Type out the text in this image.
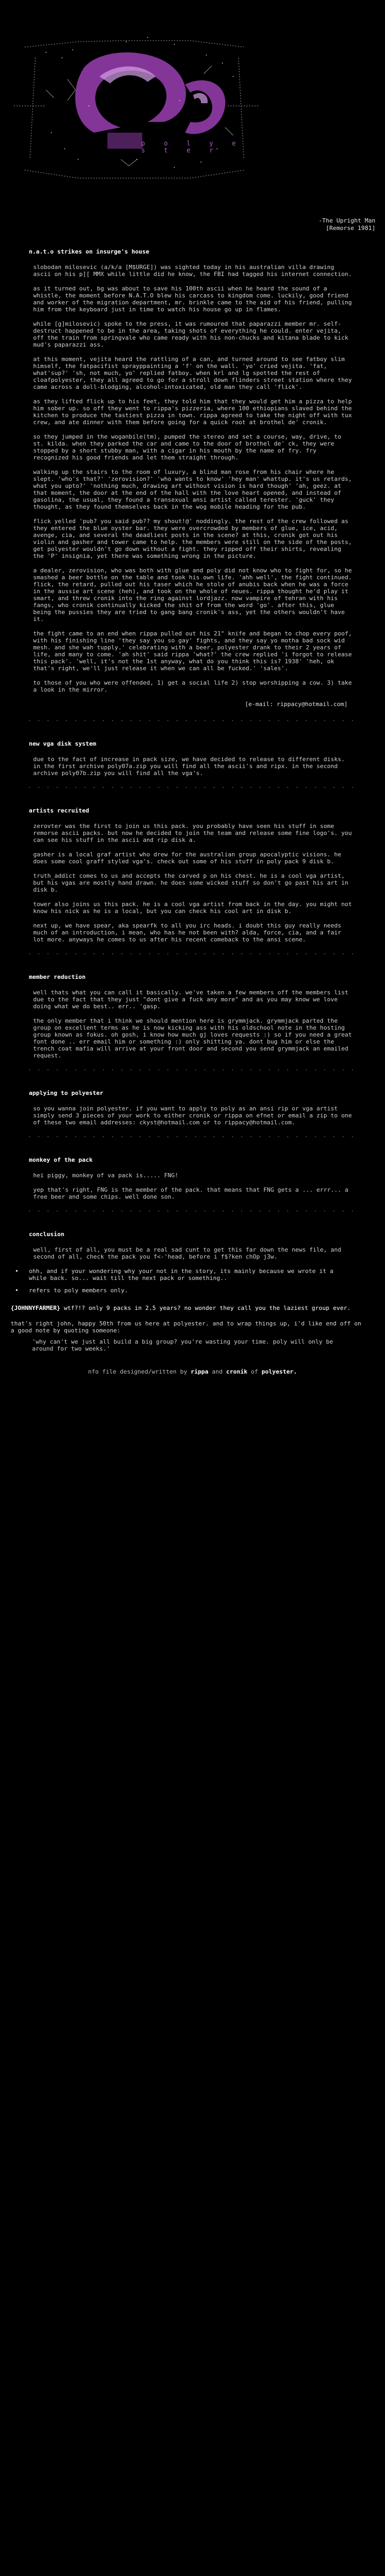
p o l y e s t e r
-The Upright Man
[Remorse 1981]
n.a.t.o strikes on insurge's house

slobodan milosevic (a/k/a [M$URGE]) was sighted today in his australian villa drawing ascii on his p][ MMX while little did he know, the FBI had tagged his internet connection.

as it turned out, bg was about to save his 100th ascii when he heard the sound of a whistle, the moment before N.A.T.O blew his carcass to kingdom come. luckily, good friend and worker of the migration department, mr. brinkle came to the aid of his friend, pulling him from the keyboard just in time to watch his house go up in flames.

while [g]milosevic) spoke to the press, it was rumoured that paparazzi member mr. self-destruct happened to be in the area, taking shots of everything he could. enter vejita, off the train from springvale who came ready with his non-chucks and kitana blade to kick mud's paparazzi ass.

at this moment, vejita heard the rattling of a can, and turned around to see fatboy slim himself, the fatpacifist sprayppainting a 'f' on the wall. 'yo' cried vejita. 'fat, what'sup?' 'sh, not much, yo' replied fatboy. when krl and lg spotted the rest of cloafpolyester, they all agreed to go for a stroll down flinders street station where they came across a doll-blodging, alcohol-intoxicated, old man they call 'flick'.

as they lifted flick up to his feet, they told him that they would get him a pizza to help him sober up. so off they went to rippa's pizzeria, where 100 ethiopians slaved behind the kitchen to produce the tastiest pizza in town. rippa agreed to take the night off with tux crew, and ate dinner with them before going for a quick root at brothel de' cronik.

so they jumped in the woganbile(tm), pumped the stereo and set a course, way, drive, to st. kilda. when they parked the car and came to the door of brothel de' ck, they were stopped by a short stubby man, with a cigar in his mouth by the name of fry. fry recognized his good friends and let them straight through.

walking up the stairs to the room of luxury, a blind man rose from his chair where he slept. 'who's that?' 'zerovision?' 'who wants to know' 'hey man' whattup. it's us retards, what you upto?' 'nothing much, drawing art without vision is hard though' 'ah, geez. at that moment, the door at the end of the hall with the love heart opened, and instead of gasolina, the usual, they found a transexual ansi artist called terester. 'guck' they thought, as they found themselves back in the wog mobile heading for the pub.

flick yelled 'pub? you said pub?? my shout!@' noddingly. the rest of the crew followed as they entered the blue oyster bar. they were overcrowded by members of glue, ice, acid, avenge, cia, and several the deadliest posts in the scene? at this, cronik got out his violin and gasher and tower came to help. the members were still on the side of the posts, get polyester wouldn't go down without a fight. they ripped off their shirts, revealing the 'P' insignia, yet there was something wrong in the picture.

a dealer, zerovision, who was both with glue and poly did not know who to fight for, so he smashed a beer bottle on the table and took his own life. 'ahh well', the fight continued. flick, the retard, pulled out his taser which he stole of anubis back when he was a force in the aussie art scene (heh), and took on the whole of neues. rippa thought he'd play it smart, and threw cronik into the ring against lordjazz. now vampire of tehran with his fangs, who cronik continually kicked the shit of from the word 'go'. after this, glue being the pussies they are tried to gang bang cronik's ass, yet the others wouldn't have it.

the fight came to an end when rippa pulled out his 21" knife and began to chop every poof, with his finishing line 'they say you so gay' fights, and they say yo motha bad sock wid mesh. and she wah tupply.' celebrating with a beer, polyester drank to their 2 years of life, and many to come. 'ah shit' said rippa 'what?' the crew replied 'i forgot to release this pack'. 'well, it's not the 1st anyway, what do you think this is? 1938' 'heh, ok that's right, we'll just release it when we can all be fucked.' 'sales'.

to those of you who were offended, 1) get a social life 2) stop worshipping a cow. 3) take a look in the mirror.

[e-mail: rippacy@hotmail.com]
· · · · · · · · · · · · · · · · · · · · · · · · · · · · · · · · · · · ·
new vga disk system

due to the fact of increase in pack size, we have decided to release to different disks. in the first archive poly07a.zip you will find all the ascii's and ripx. in the second archive poly07b.zip you will find all the vga's.

· · · · · · · · · · · · · · · · · · · · · · · · · · · · · · · · · · · ·
artists recruited

zerovter was the first to join us this pack. you probably have seen his stuff in some remorse ascii packs. but now he decided to join the team and release some fine logo's. you can see his stuff in the ascii and rip disk a.

gasher is a local graf artist who drew for the australian group apocalyptic visions. he does some cool graff styled vga's. check out some of his stuff in poly pack 9 disk b.

truth_addict comes to us and accepts the carved p on his chest. he is a cool vga artist, but his vgas are mostly hand drawn. he does some wicked stuff so don't go past his art in disk b.

tower also joins us this pack. he is a cool vga artist from back in the day. you might not know his nick as he is a local, but you can check his cool art in disk b.

next up, we have spear, aka spearfk to all you irc heads. i doubt this guy really needs much of an introduction, i mean, who has he not been with? alda, force, cia, and a fair lot more. anyways he comes to us after his recent comeback to the ansi scene.

· · · · · · · · · · · · · · · · · · · · · · · · · · · · · · · · · · · ·
member reduction

well thats what you can call it basically. we've taken a few members off the members list due to the fact that they just "dont give a fuck any more" and as you may know we love doing what we do best.. err.. 'gasp.

the only member that i think we should mention here is grymmjack. grymmjack parted the group on excellent terms as he is now kicking ass with his oldschool note in the hosting group known as fokus. oh gosh, i know how much gj loves requests :) so if you need a great font done .. err email him or something :) only shitting ya. dont bug him or else the trench coat mafia will arrive at your front door and second you send grymmjack an emailed request.

· · · · · · · · · · · · · · · · · · · · · · · · · · · · · · · · · · · ·
applying to polyester

so you wanna join polyester. if you want to apply to poly as an ansi rip or vga artist simply send 3 pieces of your work to either cronik or rippa on efnet or email a zip to one of these two email addresses: ckyst@hotmail.com or to rippacy@hotmail.com.

· · · · · · · · · · · · · · · · · · · · · · · · · · · · · · · · · · · ·
monkey of the pack

hei piggy, monkey of va pack is..... FNG!

yep that's right, FNG is the member of the pack. that means that FNG gets a ... errr... a free beer and some chips. well done son.

· · · · · · · · · · · · · · · · · · · · · · · · · · · · · · · · · · · ·
conclusion

well, first of all, you must be a real sad cunt to get this far down the news file, and second of all, check the pack you f<-'head, before i f$?ken chOp j3w.

•	ohh, and if your wondering why your not in the story, its mainly because we wrote it a while back. so... wait till the next pack or something..
•	refers to poly members only.
{JOHNNYFARMER} wtf?!? only 9 packs in 2.5 years? no wonder they call you the laziest group ever.
that's right john, happy 50th from us here at polyester. and to wrap things up, i'd like end off on a good note by quoting someone:
'why can't we just all build a big group? you're wasting your time. poly will only be around for two weeks.'
nfo file designed/written by rippa and cronik of polyester.
